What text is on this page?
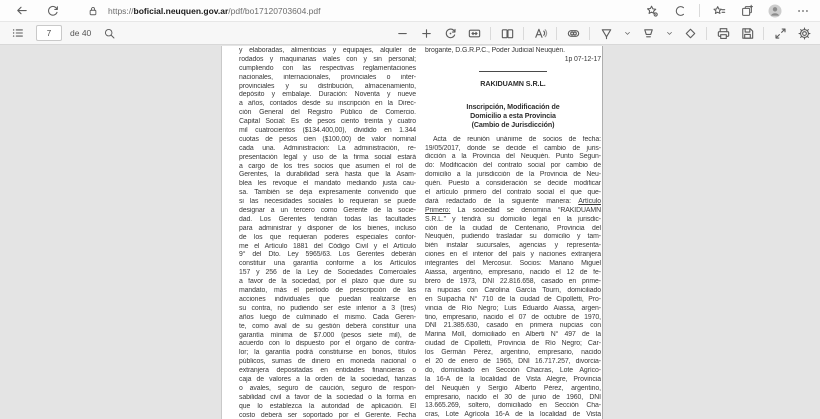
https://boficial.neuquen.gov.ar/pdf/bo17120703604.pdf
7
de 40
y elaboradas, alimenticias y equipajes, alquiler de
rodados y maquinarias viales con y sin personal;
cumpliendo con las respectivas reglamentaciones
nacionales, internacionales, provinciales o inter-
provinciales y su distribución, almacenamiento,
depósito y embalaje. Duración: Noventa y nueve
a años, contados desde su inscripción en la Direc-
ción General del Registro Público de Comercio.
Capital Social: Es de pesos ciento treinta y cuatro
mil cuatrocientos ($134.400,00), dividido en 1.344
cuotas de pesos cien ($100,00) de valor nominal
cada una. Administracion: La administración, re-
presentación legal y uso de la firma social estará
a cargo de los tres socios que asumen el rol de
Gerentes, la durabilidad será hasta que la Asam-
blea les revoque el mandato mediando justa cau-
sa. También se deja expresamente convenido que
si las necesidades sociales lo requieran se puede
designar a un tercero como Gerente de la socie-
dad. Los Gerentes tendrán todas las facultades
para administrar y disponer de los bienes, incluso
de los que requieran poderes especiales confor-
me el Artículo 1881 del Código Civil y el Artículo
9° del Dto. Ley 5965/63. Los Gerentes deberán
constituir una garantía conforme a los Artículos
157 y 256 de la Ley de Sociedades Comerciales
a favor de la sociedad, por el plazo que dure su
mandato, más el período de prescripción de las
acciones individuales que puedan realizarse en
su contra, no pudiendo ser este inferior a 3 (tres)
años luego de culminado el mismo. Cada Geren-
te, como aval de su gestión deberá constituir una
garantía mínima de $7.000 (pesos siete mil), de
acuerdo con lo dispuesto por el órgano de contra-
lor; la garantía podrá constituirse en bonos, títulos
públicos, sumas de dinero en moneda nacional o
extranjera depositadas en entidades financieras o
caja de valores a la orden de la sociedad, fianzas
o avales, seguro de caución, seguro de respon-
sabilidad civil a favor de la sociedad o la forma en
que lo establezca la autoridad de aplicación. El
costo deberá ser soportado por el Gerente. Fecha
brogante, D.G.R.P.C., Poder Judicial Neuquén.
1p 07-12-17
RAKIDUAMN S.R.L.
Inscripción, Modificación de
Domicilio a esta Provincia
(Cambio de Jurisdicción)
Acta de reunión unánime de socios de fecha:
19/05/2017, donde se decide el cambio de juris-
dicción a la Provincia del Neuquén. Punto Segun-
do: Modificación del contrato social por cambio de
domicilio a la jurisdicción de la Provincia de Neu-
quén. Puesto a consideración se decide modificar
el artículo primero del contrato social el que que-
dará redactado de la siguiente manera: Artículo
Primero: La sociedad se denomina “RAKIDUAMN
S.R.L.” y tendrá su domicilio legal en la jurisdic-
ción de la ciudad de Centenario, Provincia del
Neuquén, pudiendo trasladar su domicilio y tam-
bién instalar sucursales, agencias y representa-
ciones en el interior del país y naciones extranjera
integrantes del Mercosur. Socios: Mariano Miguel
Aiassa, argentino, empresario, nacido el 12 de fe-
brero de 1973, DNI 22.816.658, casado en prime-
ra nupcias con Carolina García Tourn, domiciliado
en Suipacha N° 710 de la ciudad de Cipolletti, Pro-
vincia de Río Negro; Luis Eduardo Aiassa, argen-
tino, empresario, nacido el 07 de octubre de 1970,
DNI 21.385.630, casado en primera nupcias con
Marina Moll, domiciliado en Alberti N° 497 de la
ciudad de Cipolletti, Provincia de Río Negro; Car-
los Germán Pérez, argentino, empresario, nacido
el 20 de enero de 1965, DNI 16.717.257, divorcia-
do, domiciliado en Sección Chacras, Lote Agríco-
la 16-A de la localidad de Vista Alegre, Provincia
del Neuquén y Sergio Alberto Pérez, argentino,
empresario, nacido el 30 de junio de 1960, DNI
13.665.269, soltero, domiciliado en Sección Cha-
cras, Lote Agrícola 16-A de la localidad de Vista
